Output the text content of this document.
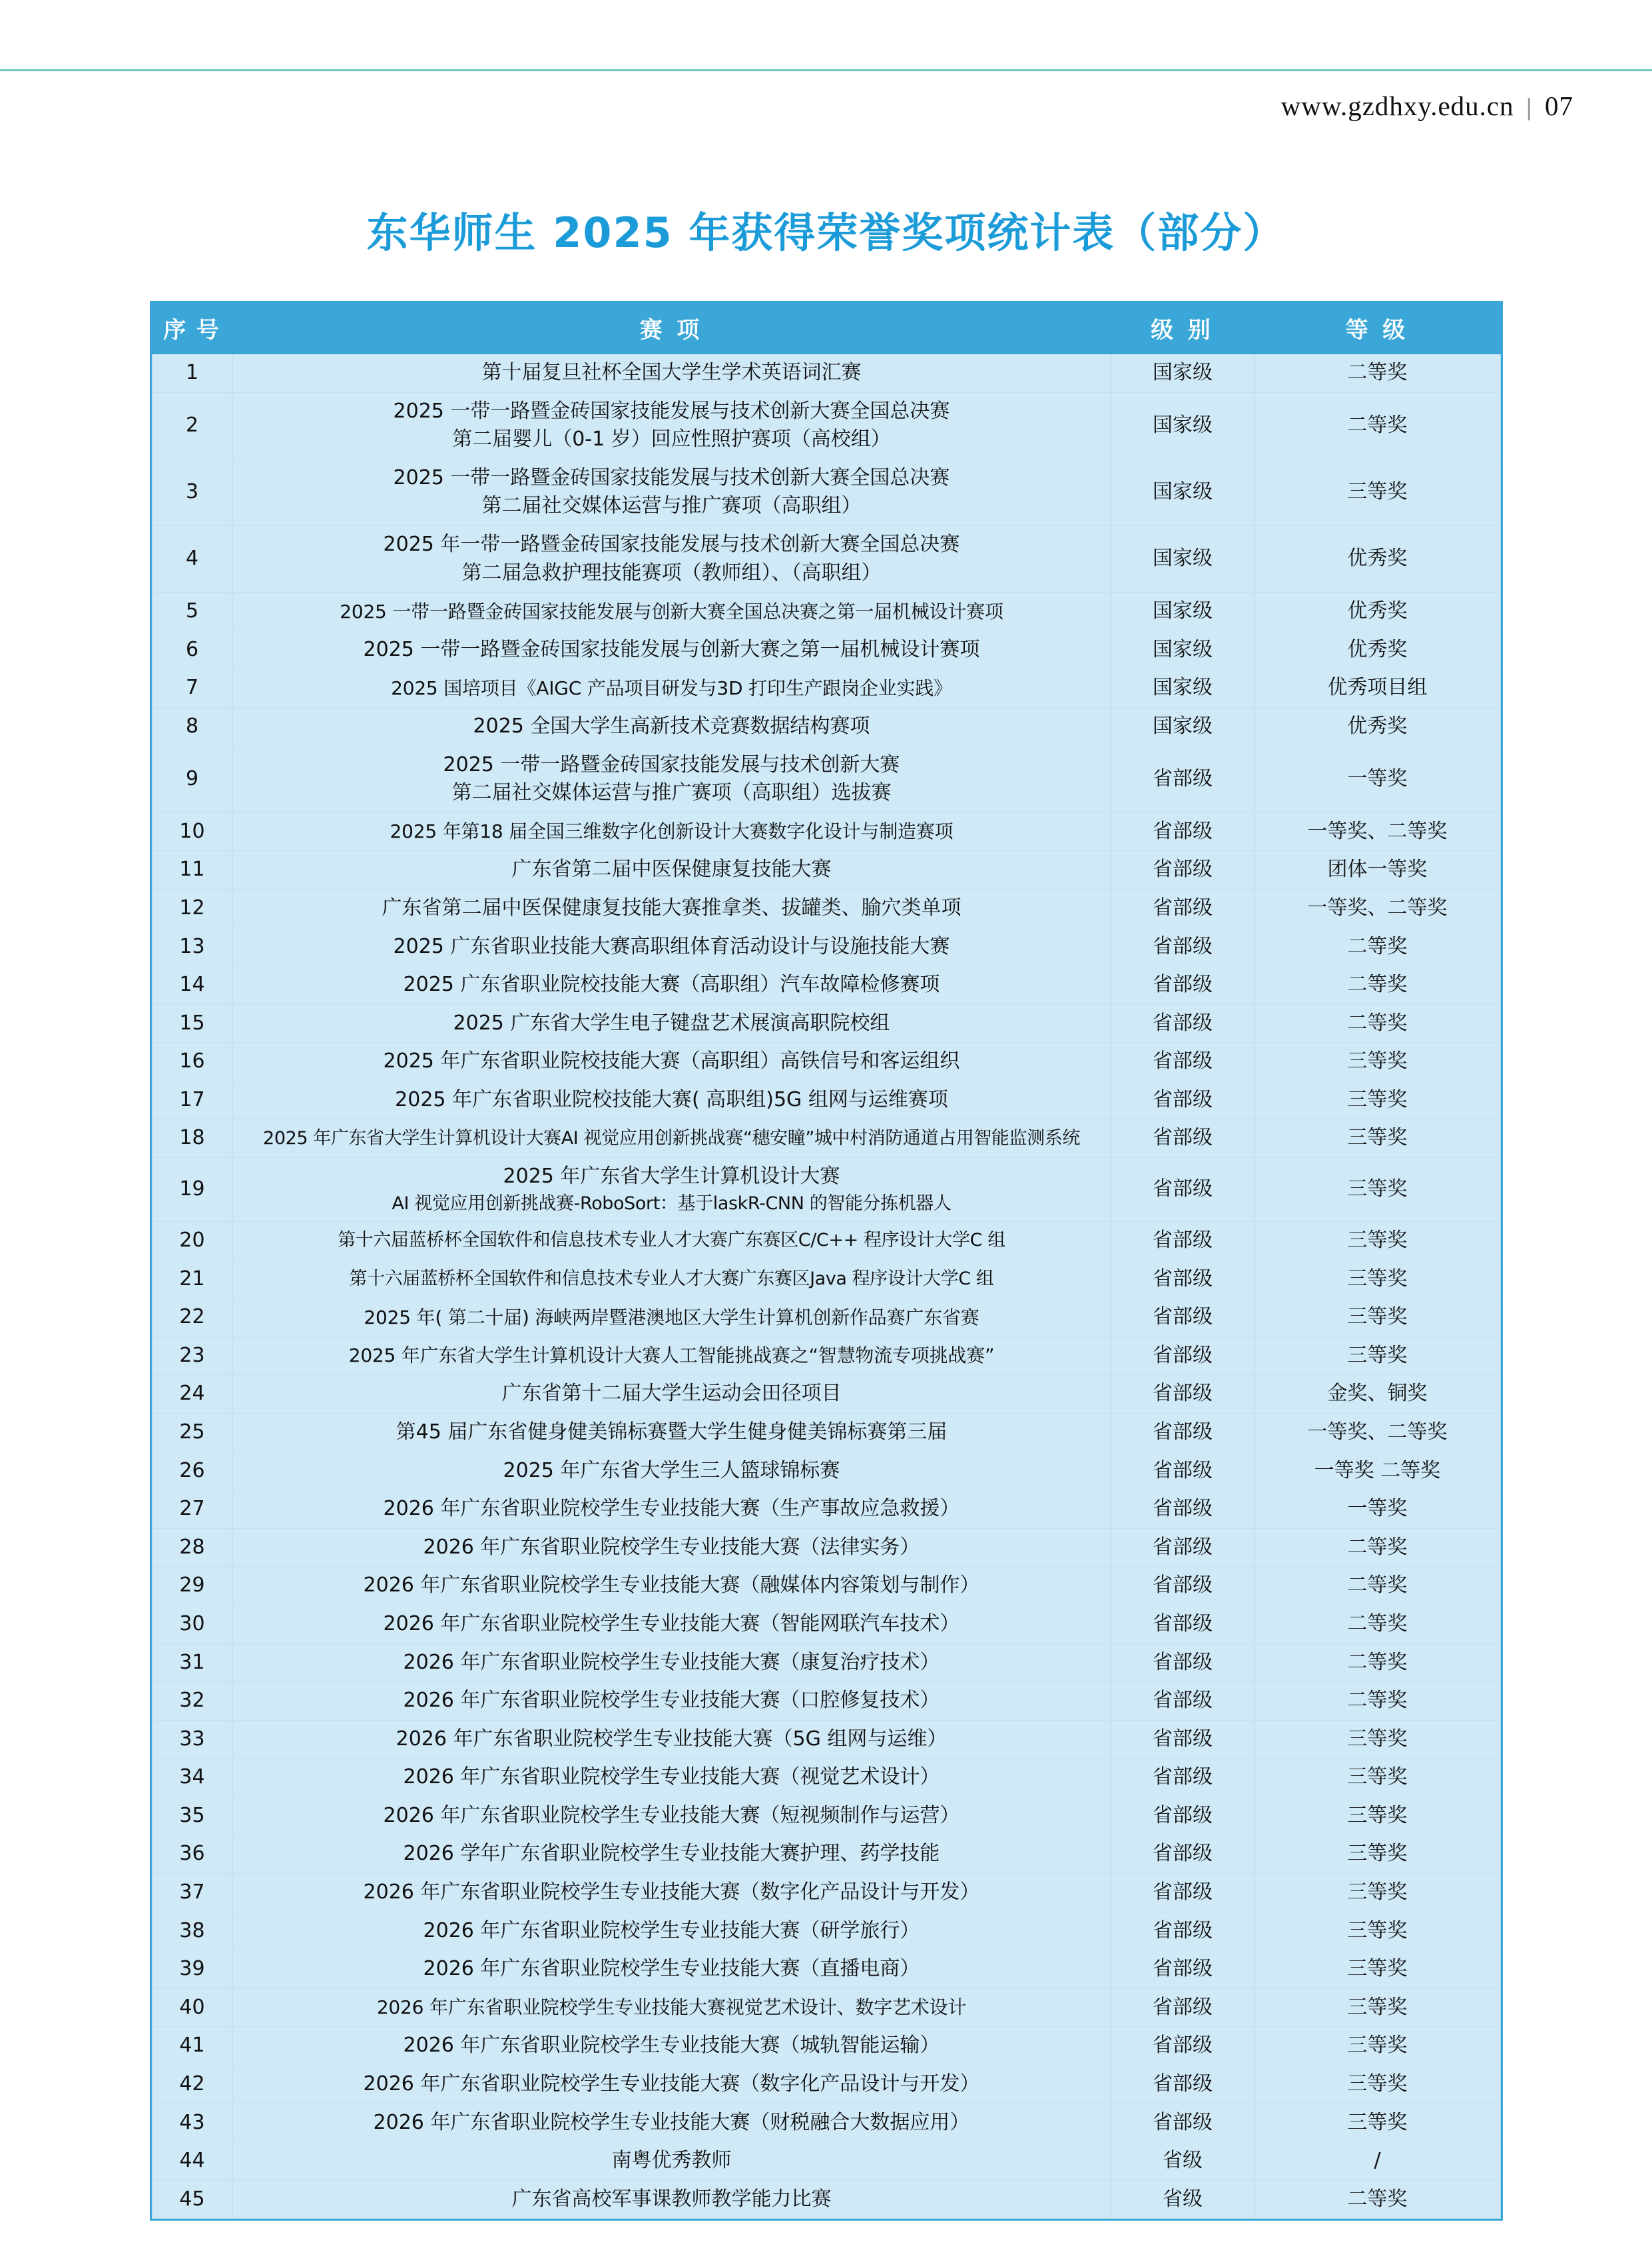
www.gzdhxy.edu.cn | 07
东华师生 2025 年获得荣誉奖项统计表（部分）
序 号	赛 项	级 别	等 级
1	第十届复旦社杯全国大学生学术英语词汇赛	国家级	二等奖
2	2025 一带一路暨金砖国家技能发展与技术创新大赛全国总决赛
第二届婴儿（0-1 岁）回应性照护赛项（高校组）	国家级	二等奖
3	2025 一带一路暨金砖国家技能发展与技术创新大赛全国总决赛
第二届社交媒体运营与推广赛项（高职组）	国家级	三等奖
4	2025 年一带一路暨金砖国家技能发展与技术创新大赛全国总决赛
第二届急救护理技能赛项（教师组）、（高职组）	国家级	优秀奖
5	2025 一带一路暨金砖国家技能发展与创新大赛全国总决赛之第一届机械设计赛项	国家级	优秀奖
6	2025 一带一路暨金砖国家技能发展与创新大赛之第一届机械设计赛项	国家级	优秀奖
7	2025 国培项目《AIGC 产品项目研发与3D 打印生产跟岗企业实践》	国家级	优秀项目组
8	2025 全国大学生高新技术竞赛数据结构赛项	国家级	优秀奖
9	2025 一带一路暨金砖国家技能发展与技术创新大赛
第二届社交媒体运营与推广赛项（高职组）选拔赛	省部级	一等奖
10	2025 年第18 届全国三维数字化创新设计大赛数字化设计与制造赛项	省部级	一等奖、二等奖
11	广东省第二届中医保健康复技能大赛	省部级	团体一等奖
12	广东省第二届中医保健康复技能大赛推拿类、拔罐类、腧穴类单项	省部级	一等奖、二等奖
13	2025 广东省职业技能大赛高职组体育活动设计与设施技能大赛	省部级	二等奖
14	2025 广东省职业院校技能大赛（高职组）汽车故障检修赛项	省部级	二等奖
15	2025 广东省大学生电子键盘艺术展演高职院校组	省部级	二等奖
16	2025 年广东省职业院校技能大赛（高职组）高铁信号和客运组织	省部级	三等奖
17	2025 年广东省职业院校技能大赛( 高职组)5G 组网与运维赛项	省部级	三等奖
18	2025 年广东省大学生计算机设计大赛AI 视觉应用创新挑战赛“穗安瞳”城中村消防通道占用智能监测系统	省部级	三等奖
19	2025 年广东省大学生计算机设计大赛
AI 视觉应用创新挑战赛-RoboSort：基于laskR-CNN 的智能分拣机器人	省部级	三等奖
20	第十六届蓝桥杯全国软件和信息技术专业人才大赛广东赛区C/C++ 程序设计大学C 组	省部级	三等奖
21	第十六届蓝桥杯全国软件和信息技术专业人才大赛广东赛区Java 程序设计大学C 组	省部级	三等奖
22	2025 年( 第二十届) 海峡两岸暨港澳地区大学生计算机创新作品赛广东省赛	省部级	三等奖
23	2025 年广东省大学生计算机设计大赛人工智能挑战赛之“智慧物流专项挑战赛”	省部级	三等奖
24	广东省第十二届大学生运动会田径项目	省部级	金奖、铜奖
25	第45 届广东省健身健美锦标赛暨大学生健身健美锦标赛第三届	省部级	一等奖、二等奖
26	2025 年广东省大学生三人篮球锦标赛	省部级	一等奖 二等奖
27	2026 年广东省职业院校学生专业技能大赛（生产事故应急救援）	省部级	一等奖
28	2026 年广东省职业院校学生专业技能大赛（法律实务）	省部级	二等奖
29	2026 年广东省职业院校学生专业技能大赛（融媒体内容策划与制作）	省部级	二等奖
30	2026 年广东省职业院校学生专业技能大赛（智能网联汽车技术）	省部级	二等奖
31	2026 年广东省职业院校学生专业技能大赛（康复治疗技术）	省部级	二等奖
32	2026 年广东省职业院校学生专业技能大赛（口腔修复技术）	省部级	二等奖
33	2026 年广东省职业院校学生专业技能大赛（5G 组网与运维）	省部级	三等奖
34	2026 年广东省职业院校学生专业技能大赛（视觉艺术设计）	省部级	三等奖
35	2026 年广东省职业院校学生专业技能大赛（短视频制作与运营）	省部级	三等奖
36	2026 学年广东省职业院校学生专业技能大赛护理、药学技能	省部级	三等奖
37	2026 年广东省职业院校学生专业技能大赛（数字化产品设计与开发）	省部级	三等奖
38	2026 年广东省职业院校学生专业技能大赛（研学旅行）	省部级	三等奖
39	2026 年广东省职业院校学生专业技能大赛（直播电商）	省部级	三等奖
40	2026 年广东省职业院校学生专业技能大赛视觉艺术设计、数字艺术设计	省部级	三等奖
41	2026 年广东省职业院校学生专业技能大赛（城轨智能运输）	省部级	三等奖
42	2026 年广东省职业院校学生专业技能大赛（数字化产品设计与开发）	省部级	三等奖
43	2026 年广东省职业院校学生专业技能大赛（财税融合大数据应用）	省部级	三等奖
44	南粤优秀教师	省级	/
45	广东省高校军事课教师教学能力比赛	省级	二等奖
